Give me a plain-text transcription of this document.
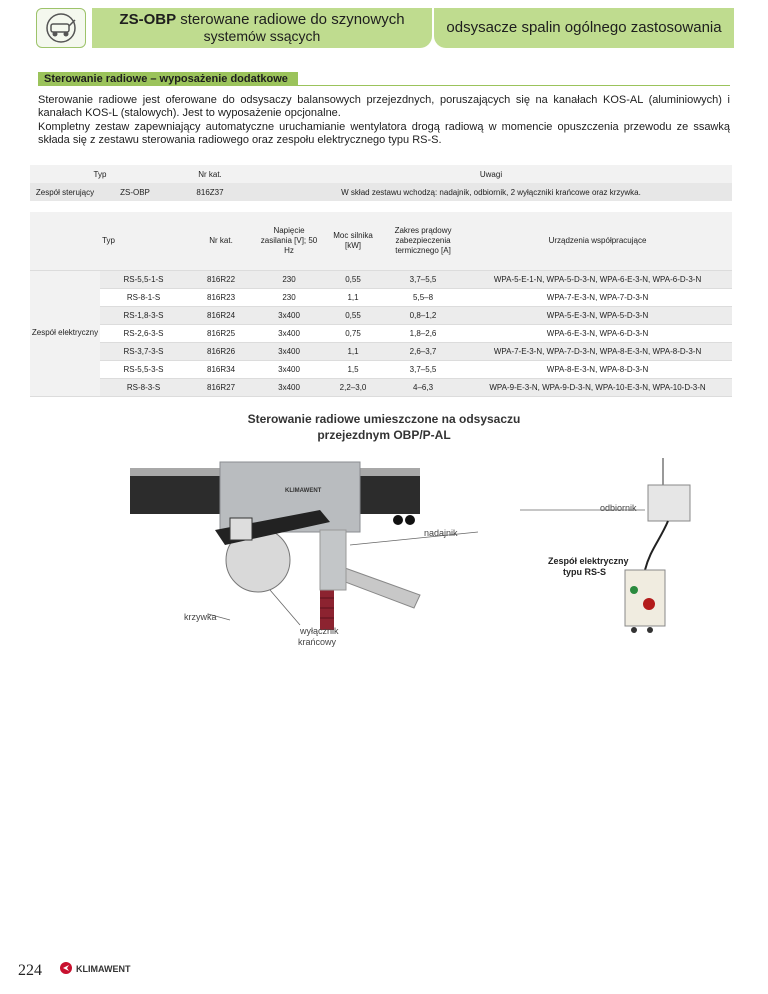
ZS-OBP sterowane radiowe do szynowych
systemów ssących	odsysacze spalin ogólnego zastosowania
Sterowanie radiowe – wyposażenie dodatkowe
Sterowanie radiowe jest oferowane do odsysaczy balansowych przejezdnych, poruszających się na kanałach KOS-AL (aluminiowych) i kanałach KOS-L (stalowych). Jest to wyposażenie opcjonalne.
Kompletny zestaw zapewniający automatyczne uruchamianie wentylatora drogą radiową w momencie opuszczenia przewodu ze ssawką składa się z zestawu sterowania radiowego oraz zespołu elektrycznego typu RS-S.
Typ		Nr kat.	Uwagi
Zespół sterujący	ZS-OBP	816Z37	W skład zestawu wchodzą: nadajnik, odbiornik, 2 wyłączniki krańcowe oraz krzywka.
Typ		Nr kat.	Napięcie zasilania [V]; 50 Hz	Moc silnika [kW]	Zakres prądowy zabezpieczenia termicznego [A]	Urządzenia współpracujące
Zespół elektryczny	RS-5,5-1-S	816R22	230	0,55	3,7–5,5	WPA-5-E-1-N, WPA-5-D-3-N, WPA-6-E-3-N, WPA-6-D-3-N
	RS-8-1-S	816R23	230	1,1	5,5–8	WPA-7-E-3-N, WPA-7-D-3-N
	RS-1,8-3-S	816R24	3x400	0,55	0,8–1,2	WPA-5-E-3-N, WPA-5-D-3-N
	RS-2,6-3-S	816R25	3x400	0,75	1,8–2,6	WPA-6-E-3-N, WPA-6-D-3-N
	RS-3,7-3-S	816R26	3x400	1,1	2,6–3,7	WPA-7-E-3-N, WPA-7-D-3-N, WPA-8-E-3-N, WPA-8-D-3-N
	RS-5,5-3-S	816R34	3x400	1,5	3,7–5,5	WPA-8-E-3-N, WPA-8-D-3-N
	RS-8-3-S	816R27	3x400	2,2–3,0	4–6,3	WPA-9-E-3-N, WPA-9-D-3-N, WPA-10-E-3-N, WPA-10-D-3-N
Sterowanie radiowe umieszczone na odsysaczu
przejezdnym OBP/P-AL
KLIMAWENT
odbiornik
nadajnik
Zespół elektryczny
typu RS-S
krzywka
wyłącznik
krańcowy
224	KLIMAWENT
